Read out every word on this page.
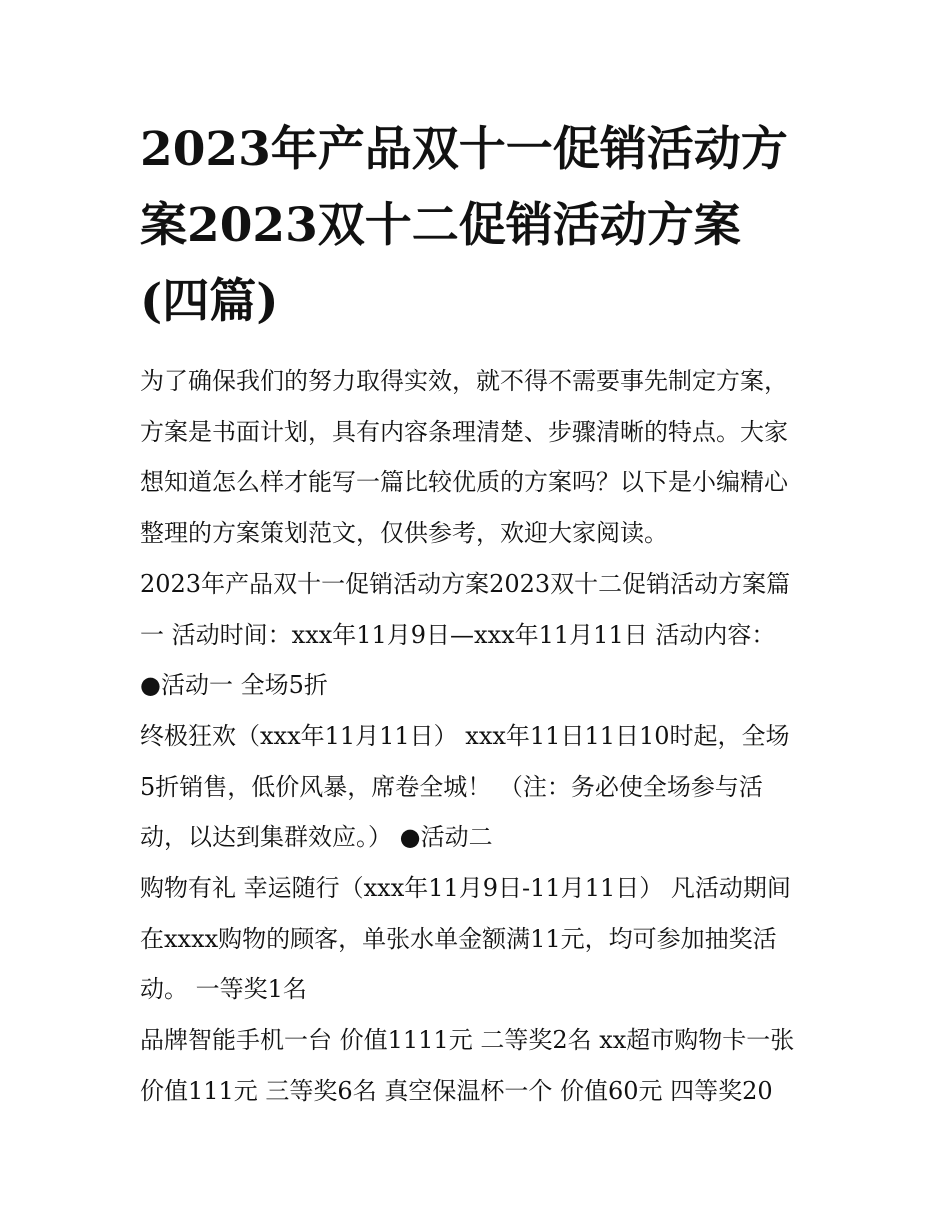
2023年产品双十一促销活动方
案2023双十二促销活动方案
(四篇)
为了确保我们的努力取得实效，就不得不需要事先制定方案，
方案是书面计划，具有内容条理清楚、步骤清晰的特点。大家
想知道怎么样才能写一篇比较优质的方案吗？以下是小编精心
整理的方案策划范文，仅供参考，欢迎大家阅读。
2023年产品双十一促销活动方案2023双十二促销活动方案篇
一 活动时间：xxx年11月9日—xxx年11月11日 活动内容：
●活动一 全场5折
终极狂欢（xxx年11月11日） xxx年11日11日10时起，全场
5折销售，低价风暴，席卷全城！ （注：务必使全场参与活
动，以达到集群效应。） ●活动二
购物有礼 幸运随行（xxx年11月9日-11月11日） 凡活动期间
在xxxx购物的顾客，单张水单金额满11元，均可参加抽奖活
动。 一等奖1名
品牌智能手机一台 价值1111元 二等奖2名 xx超市购物卡一张
价值111元 三等奖6名 真空保温杯一个 价值60元 四等奖20
